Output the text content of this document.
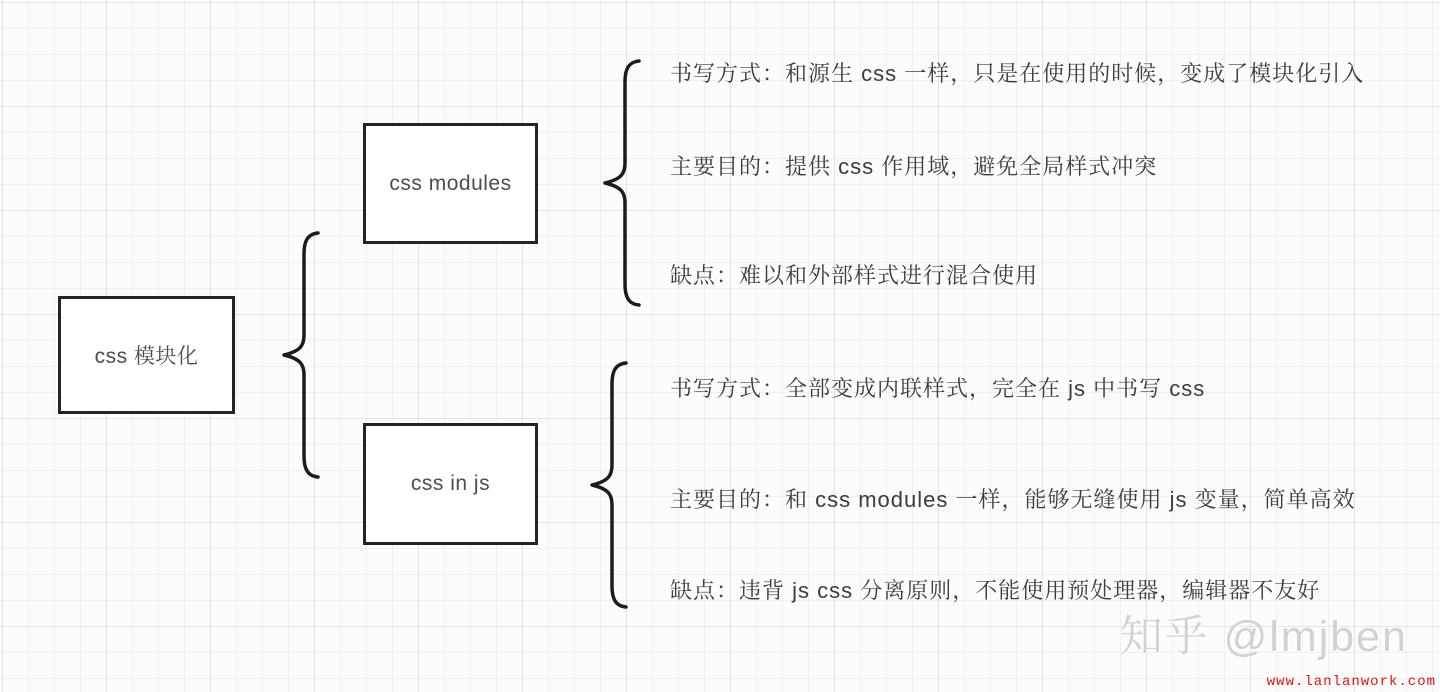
css 模块化
css modules
css in js
书写方式：和源生 css 一样，只是在使用的时候，变成了模块化引入
主要目的：提供 css 作用域，避免全局样式冲突
缺点：难以和外部样式进行混合使用
书写方式：全部变成内联样式，完全在 js 中书写 css
主要目的：和 css modules 一样，能够无缝使用 js 变量，简单高效
缺点：违背 js css 分离原则，不能使用预处理器，编辑器不友好
知乎 @lmjben
www.lanlanwork.com
